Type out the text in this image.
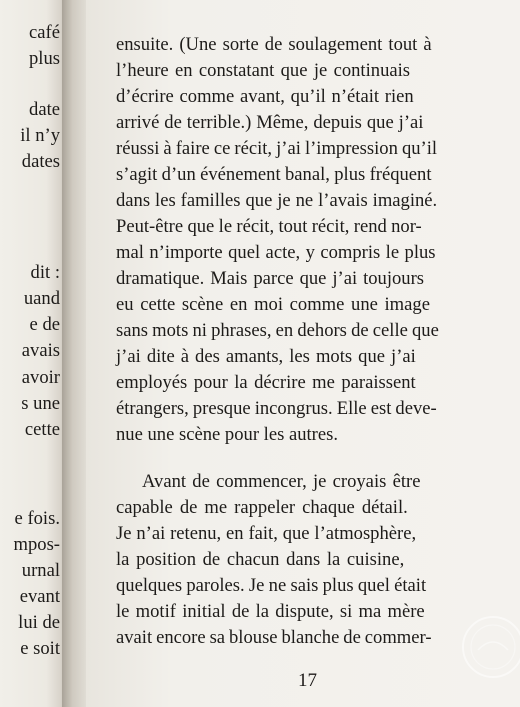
café
plus
date
il n’y
dates
dit :
uand
e de
avais
avoir
s une
cette
e fois.
mpos-
urnal
evant
lui de
e soit
ensuite. (Une sorte de soulagement tout à
l’heure en constatant que je continuais
d’écrire comme avant, qu’il n’était rien
arrivé de terrible.) Même, depuis que j’ai
réussi à faire ce récit, j’ai l’impression qu’il
s’agit d’un événement banal, plus fréquent
dans les familles que je ne l’avais imaginé.
Peut-être que le récit, tout récit, rend nor-
mal n’importe quel acte, y compris le plus
dramatique. Mais parce que j’ai toujours
eu cette scène en moi comme une image
sans mots ni phrases, en dehors de celle que
j’ai dite à des amants, les mots que j’ai
employés pour la décrire me paraissent
étrangers, presque incongrus. Elle est deve-
nue une scène pour les autres.
Avant de commencer, je croyais être
capable de me rappeler chaque détail.
Je n’ai retenu, en fait, que l’atmosphère,
la position de chacun dans la cuisine,
quelques paroles. Je ne sais plus quel était
le motif initial de la dispute, si ma mère
avait encore sa blouse blanche de commer-
17
